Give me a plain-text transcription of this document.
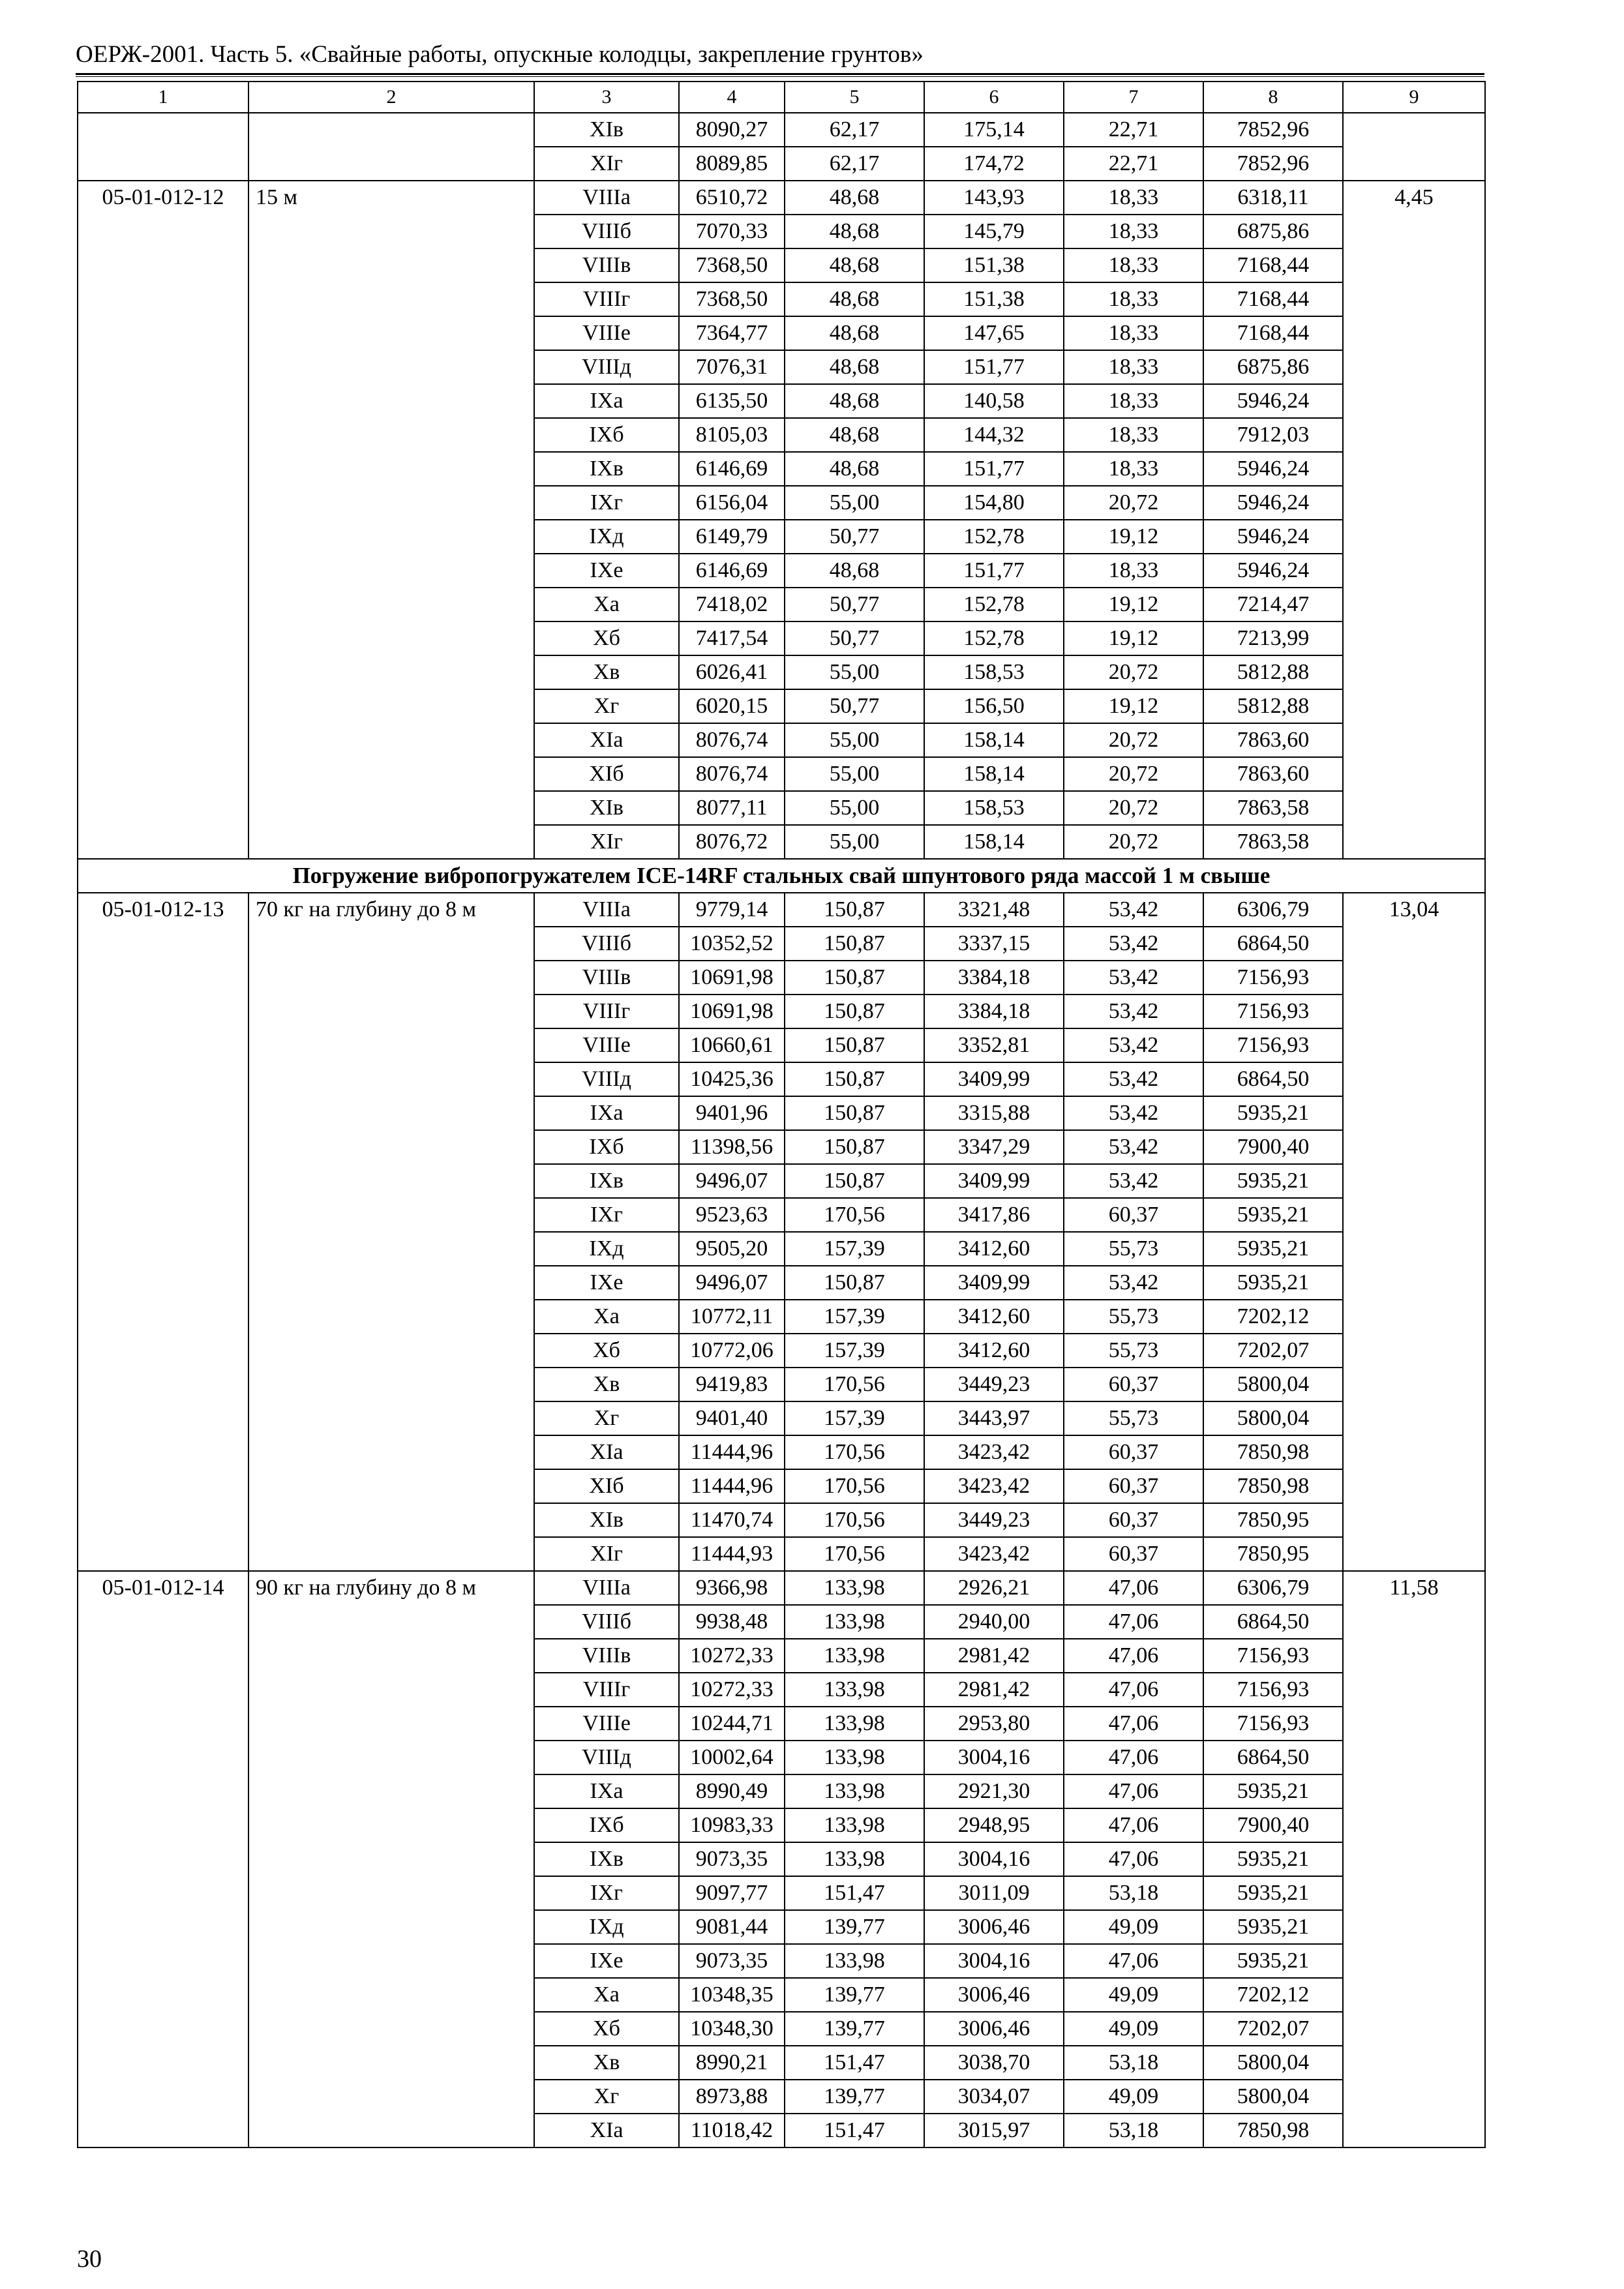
ОЕРЖ-2001. Часть 5. «Свайные работы, опускные колодцы, закрепление грунтов»
1	2	3	4	5	6	7	8	9
		XIв	8090,27	62,17	175,14	22,71	7852,96	
		XIг	8089,85	62,17	174,72	22,71	7852,96	
05-01-012-12	15 м	VIIIа	6510,72	48,68	143,93	18,33	6318,11	4,45
		VIIIб	7070,33	48,68	145,79	18,33	6875,86	
		VIIIв	7368,50	48,68	151,38	18,33	7168,44	
		VIIIг	7368,50	48,68	151,38	18,33	7168,44	
		VIIIе	7364,77	48,68	147,65	18,33	7168,44	
		VIIIд	7076,31	48,68	151,77	18,33	6875,86	
		IXа	6135,50	48,68	140,58	18,33	5946,24	
		IXб	8105,03	48,68	144,32	18,33	7912,03	
		IXв	6146,69	48,68	151,77	18,33	5946,24	
		IXг	6156,04	55,00	154,80	20,72	5946,24	
		IXд	6149,79	50,77	152,78	19,12	5946,24	
		IXе	6146,69	48,68	151,77	18,33	5946,24	
		Xа	7418,02	50,77	152,78	19,12	7214,47	
		Xб	7417,54	50,77	152,78	19,12	7213,99	
		Xв	6026,41	55,00	158,53	20,72	5812,88	
		Xг	6020,15	50,77	156,50	19,12	5812,88	
		XIа	8076,74	55,00	158,14	20,72	7863,60	
		XIб	8076,74	55,00	158,14	20,72	7863,60	
		XIв	8077,11	55,00	158,53	20,72	7863,58	
		XIг	8076,72	55,00	158,14	20,72	7863,58	
Погружение вибропогружателем ICE-14RF стальных свай шпунтового ряда массой 1 м свыше								
05-01-012-13	70 кг на глубину до 8 м	VIIIа	9779,14	150,87	3321,48	53,42	6306,79	13,04
		VIIIб	10352,52	150,87	3337,15	53,42	6864,50	
		VIIIв	10691,98	150,87	3384,18	53,42	7156,93	
		VIIIг	10691,98	150,87	3384,18	53,42	7156,93	
		VIIIе	10660,61	150,87	3352,81	53,42	7156,93	
		VIIIд	10425,36	150,87	3409,99	53,42	6864,50	
		IXа	9401,96	150,87	3315,88	53,42	5935,21	
		IXб	11398,56	150,87	3347,29	53,42	7900,40	
		IXв	9496,07	150,87	3409,99	53,42	5935,21	
		IXг	9523,63	170,56	3417,86	60,37	5935,21	
		IXд	9505,20	157,39	3412,60	55,73	5935,21	
		IXе	9496,07	150,87	3409,99	53,42	5935,21	
		Xа	10772,11	157,39	3412,60	55,73	7202,12	
		Xб	10772,06	157,39	3412,60	55,73	7202,07	
		Xв	9419,83	170,56	3449,23	60,37	5800,04	
		Xг	9401,40	157,39	3443,97	55,73	5800,04	
		XIа	11444,96	170,56	3423,42	60,37	7850,98	
		XIб	11444,96	170,56	3423,42	60,37	7850,98	
		XIв	11470,74	170,56	3449,23	60,37	7850,95	
		XIг	11444,93	170,56	3423,42	60,37	7850,95	
05-01-012-14	90 кг на глубину до 8 м	VIIIа	9366,98	133,98	2926,21	47,06	6306,79	11,58
		VIIIб	9938,48	133,98	2940,00	47,06	6864,50	
		VIIIв	10272,33	133,98	2981,42	47,06	7156,93	
		VIIIг	10272,33	133,98	2981,42	47,06	7156,93	
		VIIIе	10244,71	133,98	2953,80	47,06	7156,93	
		VIIIд	10002,64	133,98	3004,16	47,06	6864,50	
		IXа	8990,49	133,98	2921,30	47,06	5935,21	
		IXб	10983,33	133,98	2948,95	47,06	7900,40	
		IXв	9073,35	133,98	3004,16	47,06	5935,21	
		IXг	9097,77	151,47	3011,09	53,18	5935,21	
		IXд	9081,44	139,77	3006,46	49,09	5935,21	
		IXе	9073,35	133,98	3004,16	47,06	5935,21	
		Xа	10348,35	139,77	3006,46	49,09	7202,12	
		Xб	10348,30	139,77	3006,46	49,09	7202,07	
		Xв	8990,21	151,47	3038,70	53,18	5800,04	
		Xг	8973,88	139,77	3034,07	49,09	5800,04	
		XIа	11018,42	151,47	3015,97	53,18	7850,98	
30
